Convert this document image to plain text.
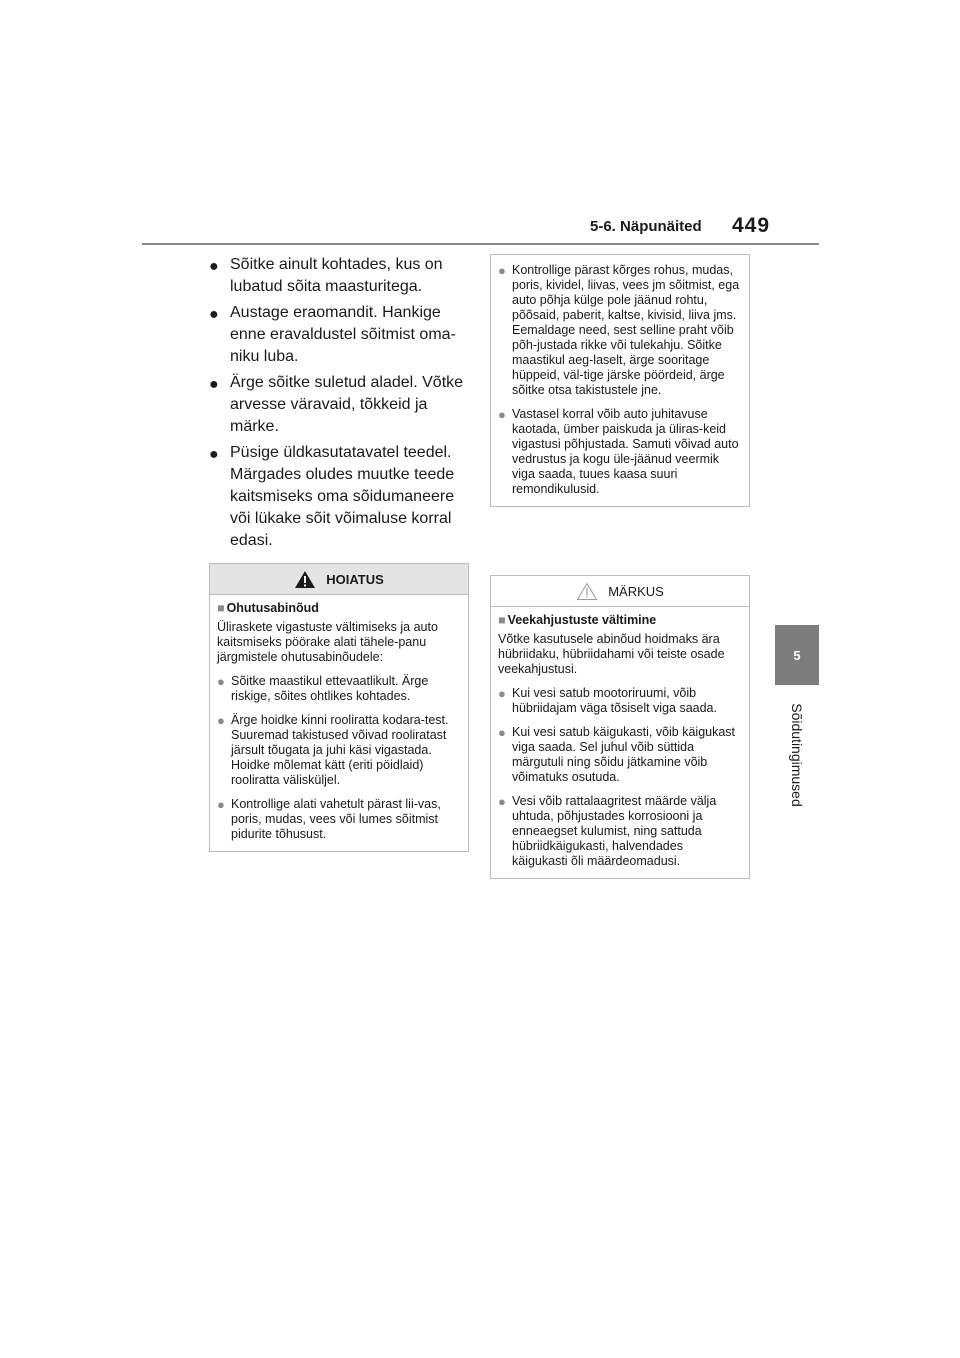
5-6. Näpunäited 449
5
Sõidutingimused
● Sõitke ainult kohtades, kus on lubatud sõita maasturitega.
● Austage eraomandit. Hankige enne eravaldustel sõitmist oma-niku luba.
● Ärge sõitke suletud aladel. Võtke arvesse väravaid, tõkkeid ja märke.
● Püsige üldkasutatavatel teedel. Märgades oludes muutke teede kaitsmiseks oma sõidumaneere või lükake sõit võimaluse korral edasi.
HOIATUS
■ Ohutusabinõud
Üliraskete vigastuste vältimiseks ja auto kaitsmiseks pöörake alati tähele-panu järgmistele ohutusabinõudele:
● Sõitke maastikul ettevaatlikult. Ärge riskige, sõites ohtlikes kohtades.
● Ärge hoidke kinni rooliratta kodara-test. Suuremad takistused võivad rooliratast järsult tõugata ja juhi käsi vigastada. Hoidke mõlemat kätt (eriti pöidlaid) rooliratta välisküljel.
● Kontrollige alati vahetult pärast lii-vas, poris, mudas, vees või lumes sõitmist pidurite tõhusust.
● Kontrollige pärast kõrges rohus, mudas, poris, kividel, liivas, vees jm sõitmist, ega auto põhja külge pole jäänud rohtu, põõsaid, paberit, kaltse, kivisid, liiva jms. Eemaldage need, sest selline praht võib põh-justada rikke või tulekahju. Sõitke maastikul aeg-laselt, ärge sooritage hüppeid, väl-tige järske pöördeid, ärge sõitke otsa takistustele jne.
● Vastasel korral võib auto juhitavuse kaotada, ümber paiskuda ja üliras-keid vigastusi põhjustada. Samuti võivad auto vedrustus ja kogu üle-jäänud veermik viga saada, tuues kaasa suuri remondikulusid.
MÄRKUS
■ Veekahjustuste vältimine
Võtke kasutusele abinõud hoidmaks ära hübriidaku, hübriidahami või teiste osade veekahjustusi.
● Kui vesi satub mootoriruumi, võib hübriidajam väga tõsiselt viga saada.
● Kui vesi satub käigukasti, võib käigukast viga saada. Sel juhul võib süttida märgutuli ning sõidu jätkamine võib võimatuks osutuda.
● Vesi võib rattalaagritest määrde välja uhtuda, põhjustades korrosiooni ja enneaegset kulumist, ning sattuda hübriidkäigukasti, halvendades käigukasti õli määrdeomadusi.
